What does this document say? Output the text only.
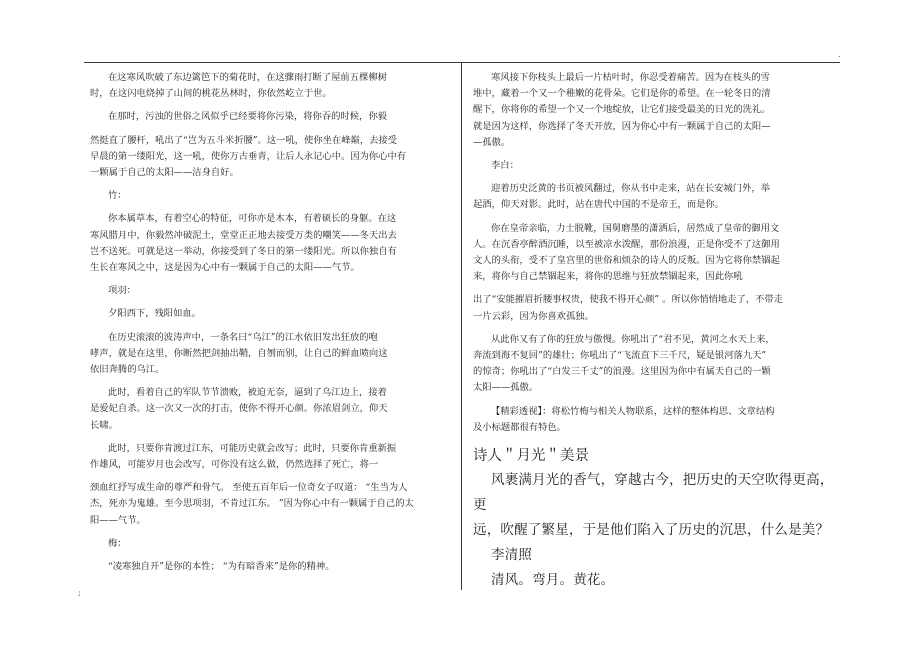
.

在这寒风吹破了东边篱笆下的菊花时，在这骤雨打断了屋前五棵柳树

时，在这闪电烧掉了山间的桃花丛林时，你依然屹立于世。

在那时，污浊的世俗之风似乎已经要将你污染，将你吞的时候，你毅

然挺直了腰杆，吼出了“岂为五斗米折腰”。这一吼，使你坐在峰巅，去接受

早晨的第一缕阳光，这一吼，使你万古垂青，让后人永记心中。因为你心中有

一颗属于自己的太阳——洁身自好。

竹：

你本属草本，有着空心的特征，可你亦是木本，有着硕长的身躯。在这

寒风腊月中，你毅然冲破泥土，堂堂正正地去接受万类的嘲笑——冬天出去

岂不送死。可就是这一举动，你接受到了冬日的第一缕阳光。所以你独自有

生长在寒风之中，这是因为心中有一颗属于自己的太阳——气节。

项羽：

夕阳西下，残阳如血。

在历史滚滚的波涛声中，一条名曰“乌江”的江水依旧发出狂放的咆

哮声，就是在这里，你断然把剑抽出鞘，自刎而别，让自己的鲜血喷向这

依旧奔腾的乌江。

此时，看着自己的军队节节溃败，被迫无奈，逼到了乌江边上，接着

是爱妃自杀。这一次又一次的打击，使你不得开心颜。你浓眉剑立，仰天

长啸。

此时，只要你肯渡过江东，可能历史就会改写；此时，只要你肯重新振

作雄风，可能岁月也会改写，可你没有这么做，仍然选择了死亡，将一

颈血红抒写成生命的尊严和骨气。 至使五百年后一位奇女子叹道： “生当为人

杰，死亦为鬼雄。至今思项羽，不肯过江东。 ”因为你心中有一颗属于自己的太

阳——气节。

梅：

“凌寒独自开”是你的本性； “为有暗香来”是你的精神。

寒风接下你枝头上最后一片枯叶时，你忍受着痛苦。因为在枝头的雪

堆中，藏着一个又一个稚嫩的花骨朵。它们是你的希望。在一轮冬日的清

醒下，你将你的希望一个又一个地绽放，让它们接受最美的日光的洗礼。

就是因为这样，你选择了冬天开放，因为你心中有一颗属于自己的太阳—

—孤傲。

李白：

迎着历史泛黄的书页被风翻过，你从书中走来，站在长安城门外，举

起酒，仰天对影。此时，站在唐代中国的不是帝王，而是你。

你在皇帝亲临，力士脱靴，国舅磨墨的潇洒后，居然成了皇帝的御用文

人。在沉香亭醉酒沉睡，以至被凉水泼醒，那份浪漫，正是你受不了这御用

文人的头衔，受不了皇宫里的世俗和烦杂的诗人的反叛。因为它将你禁锢起

来，将你与自己禁锢起来，将你的思维与狂放禁锢起来，因此你吼

出了“安能摧眉折腰事权贵，使我不得开心颜” 。所以你悄悄地走了，不带走

一片云彩，因为你喜欢孤独。

从此你又有了你的狂放与傲慢。你吼出了“君不见，黄河之水天上来，

奔流到海不复回”的雄壮；你吼出了“飞流直下三千尺，疑是银河落九天”

的惊奇；你吼出了“白发三千丈”的浪漫。这里因为你中有属天自己的一颗

太阳——孤傲。

【精彩透视】：将松竹梅与相关人物联系，这样的整体构思、文章结构

及小标题都很有特色。

诗人＂月光＂美景

风裹满月光的香气，穿越古今，把历史的天空吹得更高，更

远，吹醒了繁星，于是他们陷入了历史的沉思，什么是美？

李清照

清风。弯月。黄花。

;
